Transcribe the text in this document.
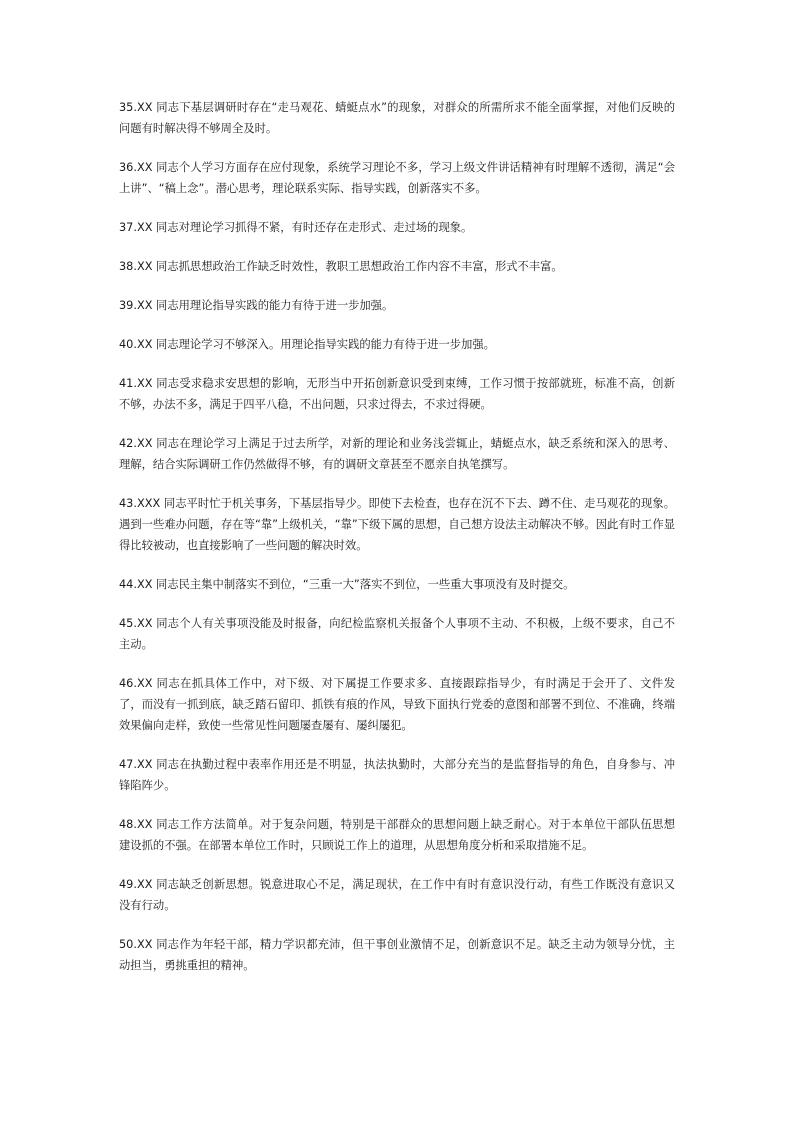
35.XX 同志下基层调研时存在“走马观花、蜻蜓点水”的现象，对群众的所需所求不能全面掌握，对他们反映的问题有时解决得不够周全及时。

36.XX 同志个人学习方面存在应付现象，系统学习理论不多，学习上级文件讲话精神有时理解不透彻，满足“会上讲”、“稿上念”。潜心思考，理论联系实际、指导实践，创新落实不多。

37.XX 同志对理论学习抓得不紧，有时还存在走形式、走过场的现象。

38.XX 同志抓思想政治工作缺乏时效性，教职工思想政治工作内容不丰富，形式不丰富。

39.XX 同志用理论指导实践的能力有待于进一步加强。

40.XX 同志理论学习不够深入。用理论指导实践的能力有待于进一步加强。

41.XX 同志受求稳求安思想的影响，无形当中开拓创新意识受到束缚，工作习惯于按部就班，标准不高，创新不够，办法不多，满足于四平八稳，不出问题，只求过得去，不求过得硬。

42.XX 同志在理论学习上满足于过去所学，对新的理论和业务浅尝辄止，蜻蜓点水，缺乏系统和深入的思考、理解，结合实际调研工作仍然做得不够，有的调研文章甚至不愿亲自执笔撰写。

43.XXX 同志平时忙于机关事务，下基层指导少。即使下去检查，也存在沉不下去、蹲不住、走马观花的现象。遇到一些难办问题，存在等“靠”上级机关，“靠”下级下属的思想，自己想方设法主动解决不够。因此有时工作显得比较被动，也直接影响了一些问题的解决时效。

44.XX 同志民主集中制落实不到位，“三重一大”落实不到位，一些重大事项没有及时提交。

45.XX 同志个人有关事项没能及时报备，向纪检监察机关报备个人事项不主动、不积极，上级不要求，自己不主动。

46.XX 同志在抓具体工作中，对下级、对下属提工作要求多、直接跟踪指导少，有时满足于会开了、文件发了，而没有一抓到底，缺乏踏石留印、抓铁有痕的作风，导致下面执行党委的意图和部署不到位、不准确，终端效果偏向走样，致使一些常见性问题屡查屡有、屡纠屡犯。

47.XX 同志在执勤过程中表率作用还是不明显，执法执勤时，大部分充当的是监督指导的角色，自身参与、冲锋陷阵少。

48.XX 同志工作方法简单。对于复杂问题，特别是干部群众的思想问题上缺乏耐心。对于本单位干部队伍思想建设抓的不强。在部署本单位工作时，只顾说工作上的道理，从思想角度分析和采取措施不足。

49.XX 同志缺乏创新思想。锐意进取心不足，满足现状，在工作中有时有意识没行动，有些工作既没有意识又没有行动。

50.XX 同志作为年轻干部，精力学识都充沛，但干事创业激情不足，创新意识不足。缺乏主动为领导分忧，主动担当，勇挑重担的精神。
